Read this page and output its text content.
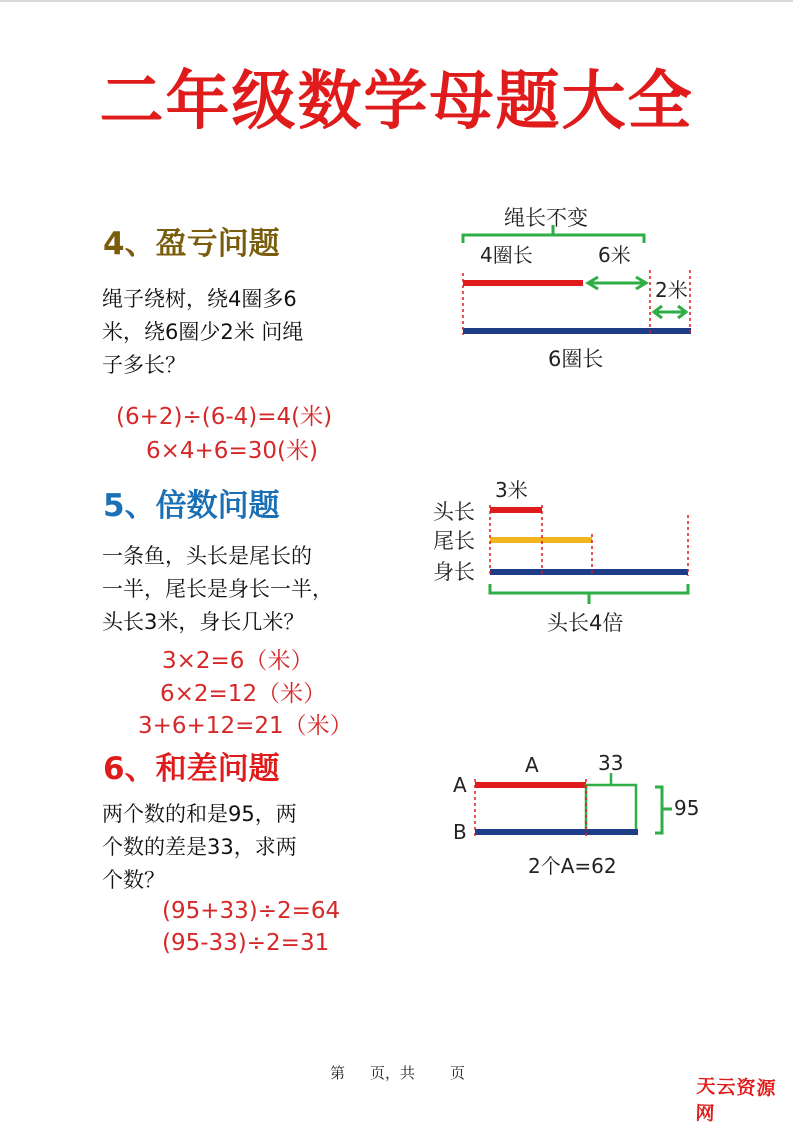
二年级数学母题大全
4、盈亏问题
绳子绕树，绕4圈多6
米，绕6圈少2米 问绳
子多长？
(6+2)÷(6-4)=4(米)
6×4+6=30(米)
绳长不变
4圈长	6米
2米
6圈长
5、倍数问题
一条鱼，头长是尾长的
一半，尾长是身长一半，
头长3米，身长几米？
3×2=6（米）
6×2=12（米）
3+6+12=21（米）
3米
头长
尾长
身长
头长4倍
6、和差问题
两个数的和是95，两
个数的差是33，求两
个数？
(95+33)÷2=64
(95-33)÷2=31
A	33
A
B
95
2个A=62
第 页，共 页
天云资源网
